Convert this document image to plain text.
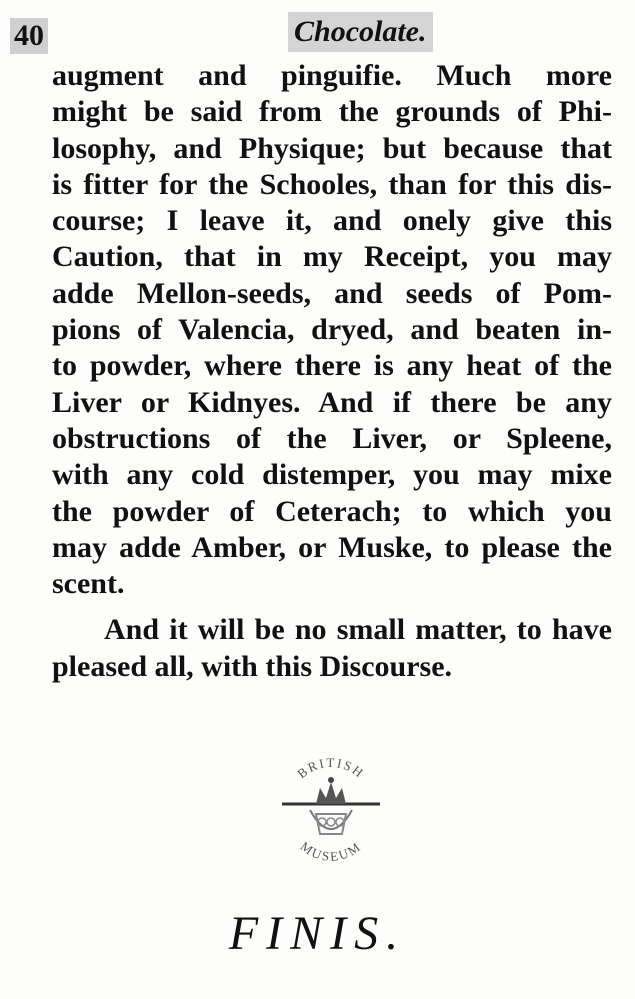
40	Chocolate.
augment and pinguifie. Much more
might be said from the grounds of Phi-
losophy, and Physique; but because that
is fitter for the Schooles, than for this dis-
course; I leave it, and onely give this
Caution, that in my Receipt, you may
adde Mellon-seeds, and seeds of Pom-
pions of Valencia, dryed, and beaten in-
to powder, where there is any heat of the
Liver or Kidnyes. And if there be any
obstructions of the Liver, or Spleene,
with any cold distemper, you may mixe
the powder of Ceterach; to which you
may adde Amber, or Muske, to please the
scent.
And it will be no small matter, to have
pleased all, with this Discourse.
BRITISH
MUSEUM
FINIS.
